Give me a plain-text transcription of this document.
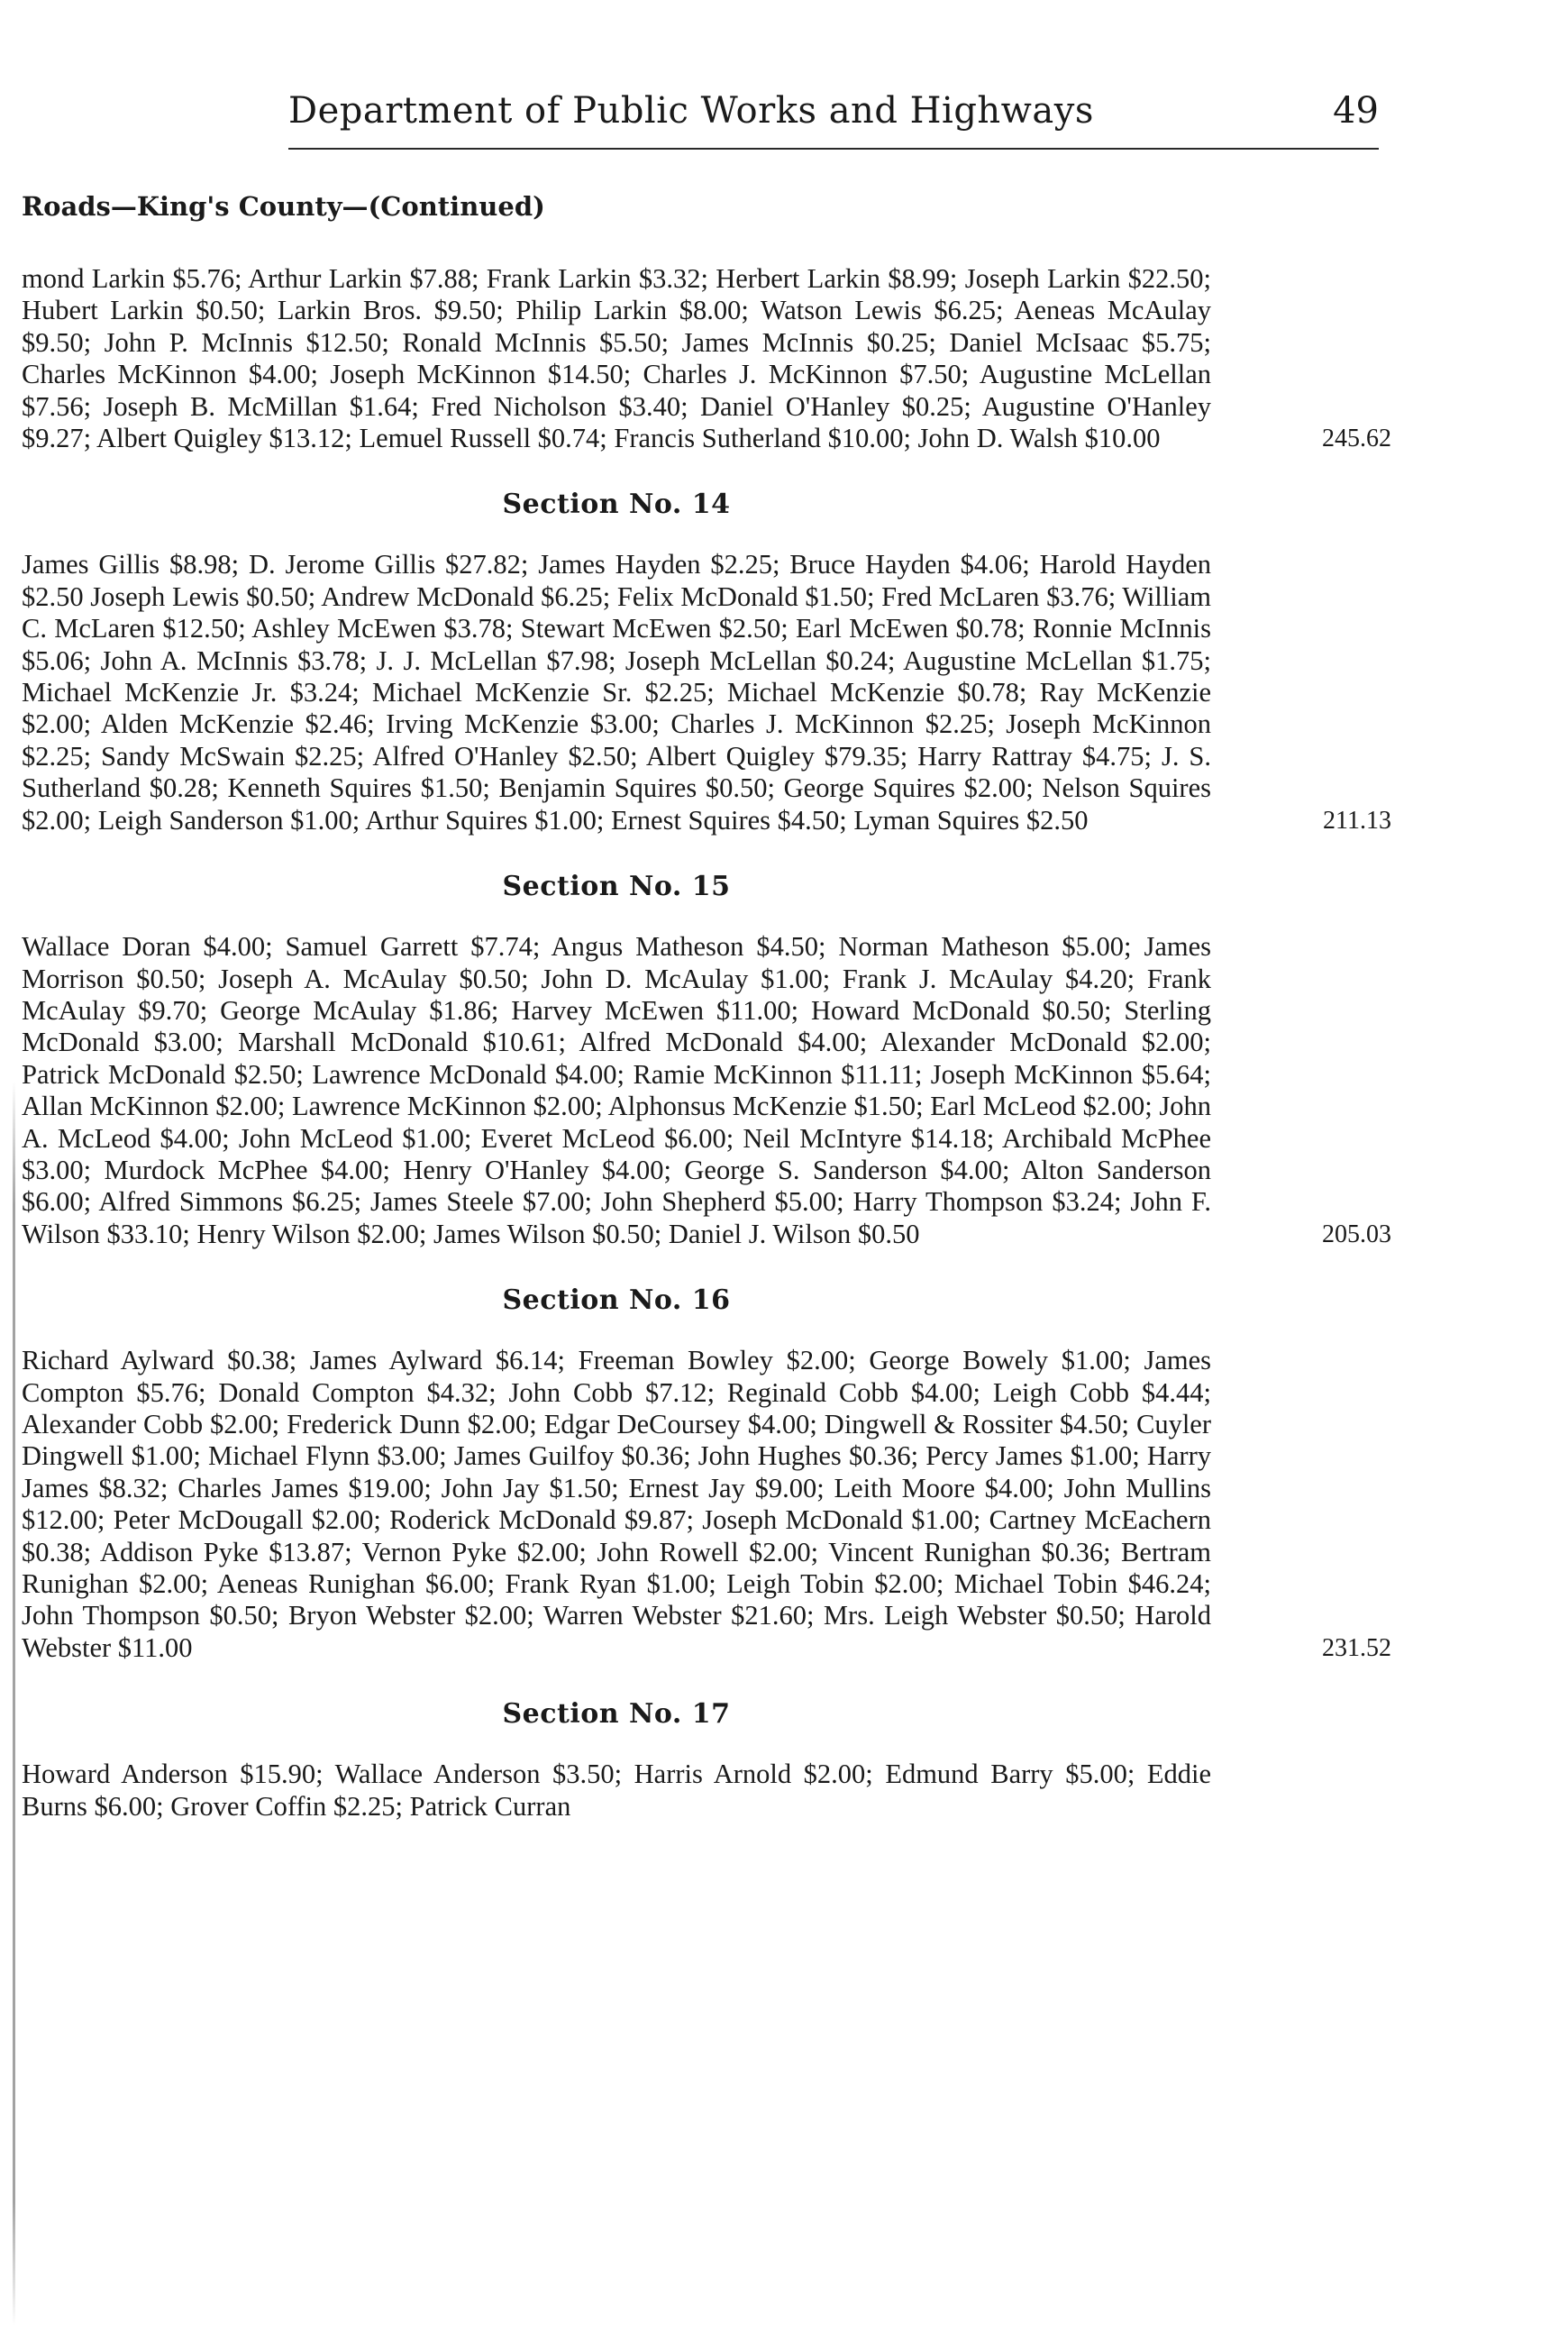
Department of Public Works and Highways	49
Roads—King's County—(Continued)
mond Larkin $5.76; Arthur Larkin $7.88; Frank Larkin $3.32; Herbert Larkin $8.99; Joseph Larkin $22.50; Hubert Larkin $0.50; Larkin Bros. $9.50; Philip Larkin $8.00; Watson Lewis $6.25; Aeneas McAulay $9.50; John P. McInnis $12.50; Ronald McInnis $5.50; James McInnis $0.25; Daniel McIsaac $5.75; Charles McKinnon $4.00; Joseph McKinnon $14.50; Charles J. McKinnon $7.50; Augustine McLellan $7.56; Joseph B. McMillan $1.64; Fred Nicholson $3.40; Daniel O'Hanley $0.25; Augustine O'Hanley $9.27; Albert Quigley $13.12; Lemuel Russell $0.74; Francis Sutherland $10.00; John D. Walsh $10.00	245.62
Section No. 14
James Gillis $8.98; D. Jerome Gillis $27.82; James Hayden $2.25; Bruce Hayden $4.06; Harold Hayden $2.50 Joseph Lewis $0.50; Andrew McDonald $6.25; Felix McDonald $1.50; Fred McLaren $3.76; William C. McLaren $12.50; Ashley McEwen $3.78; Stewart McEwen $2.50; Earl McEwen $0.78; Ronnie McInnis $5.06; John A. McInnis $3.78; J. J. McLellan $7.98; Joseph McLellan $0.24; Augustine McLellan $1.75; Michael McKenzie Jr. $3.24; Michael McKenzie Sr. $2.25; Michael McKenzie $0.78; Ray McKenzie $2.00; Alden McKenzie $2.46; Irving McKenzie $3.00; Charles J. McKinnon $2.25; Joseph McKinnon $2.25; Sandy McSwain $2.25; Alfred O'Hanley $2.50; Albert Quigley $79.35; Harry Rattray $4.75; J. S. Sutherland $0.28; Kenneth Squires $1.50; Benjamin Squires $0.50; George Squires $2.00; Nelson Squires $2.00; Leigh Sanderson $1.00; Arthur Squires $1.00; Ernest Squires $4.50; Lyman Squires $2.50	211.13
Section No. 15
Wallace Doran $4.00; Samuel Garrett $7.74; Angus Matheson $4.50; Norman Matheson $5.00; James Morrison $0.50; Joseph A. McAulay $0.50; John D. McAulay $1.00; Frank J. McAulay $4.20; Frank McAulay $9.70; George McAulay $1.86; Harvey McEwen $11.00; Howard McDonald $0.50; Sterling McDonald $3.00; Marshall McDonald $10.61; Alfred McDonald $4.00; Alexander McDonald $2.00; Patrick McDonald $2.50; Lawrence McDonald $4.00; Ramie McKinnon $11.11; Joseph McKinnon $5.64; Allan McKinnon $2.00; Lawrence McKinnon $2.00; Alphonsus McKenzie $1.50; Earl McLeod $2.00; John A. McLeod $4.00; John McLeod $1.00; Everet McLeod $6.00; Neil McIntyre $14.18; Archibald McPhee $3.00; Murdock McPhee $4.00; Henry O'Hanley $4.00; George S. Sanderson $4.00; Alton Sanderson $6.00; Alfred Simmons $6.25; James Steele $7.00; John Shepherd $5.00; Harry Thompson $3.24; John F. Wilson $33.10; Henry Wilson $2.00; James Wilson $0.50; Daniel J. Wilson $0.50	205.03
Section No. 16
Richard Aylward $0.38; James Aylward $6.14; Freeman Bowley $2.00; George Bowely $1.00; James Compton $5.76; Donald Compton $4.32; John Cobb $7.12; Reginald Cobb $4.00; Leigh Cobb $4.44; Alexander Cobb $2.00; Frederick Dunn $2.00; Edgar DeCoursey $4.00; Dingwell & Rossiter $4.50; Cuyler Dingwell $1.00; Michael Flynn $3.00; James Guilfoy $0.36; John Hughes $0.36; Percy James $1.00; Harry James $8.32; Charles James $19.00; John Jay $1.50; Ernest Jay $9.00; Leith Moore $4.00; John Mullins $12.00; Peter McDougall $2.00; Roderick McDonald $9.87; Joseph McDonald $1.00; Cartney McEachern $0.38; Addison Pyke $13.87; Vernon Pyke $2.00; John Rowell $2.00; Vincent Runighan $0.36; Bertram Runighan $2.00; Aeneas Runighan $6.00; Frank Ryan $1.00; Leigh Tobin $2.00; Michael Tobin $46.24; John Thompson $0.50; Bryon Webster $2.00; Warren Webster $21.60; Mrs. Leigh Webster $0.50; Harold Webster $11.00	231.52
Section No. 17
Howard Anderson $15.90; Wallace Anderson $3.50; Harris Arnold $2.00; Edmund Barry $5.00; Eddie Burns $6.00; Grover Coffin $2.25; Patrick Curran
